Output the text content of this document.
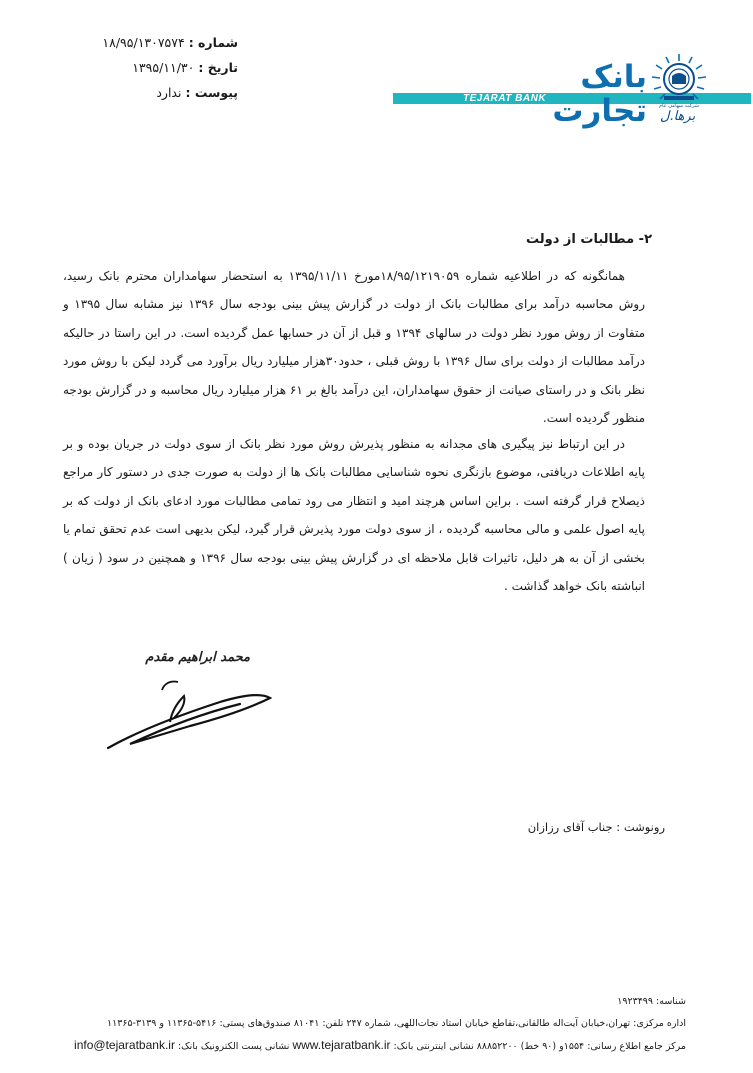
شماره :۱۸/۹۵/۱۳۰۷۵۷۴
تاریخ :۱۳۹۵/۱۱/۳۰
پیوست :ندارد	TEJARAT BANK
بانک تجارت	شرکت سهامی عام
برها.ل
۲- مطالبات از دولت

همانگونه که در اطلاعیه شماره ۱۸/۹۵/۱۲۱۹۰۵۹مورخ ۱۳۹۵/۱۱/۱۱ به استحضار سهامداران محترم بانک رسید، روش محاسبه درآمد برای مطالبات بانک از دولت در گزارش پیش بینی بودجه سال ۱۳۹۶ نیز مشابه سال ۱۳۹۵ و متفاوت از روش مورد نظر دولت در سالهای ۱۳۹۴ و قبل از آن در حسابها عمل گردیده است. در این راستا در حالیکه درآمد مطالبات از دولت برای سال ۱۳۹۶ با روش قبلی ، حدود۳۰هزار میلیارد ریال برآورد می گردد لیکن با روش مورد نظر بانک و در راستای صیانت از حقوق سهامداران، این درآمد بالغ بر ۶۱ هزار میلیارد ریال محاسبه و در گزارش بودجه منظور گردیده است.

در این ارتباط نیز پیگیری های مجدانه به منظور پذیرش روش مورد نظر بانک از سوی دولت در جریان بوده و بر پایه اطلاعات دریافتی، موضوع بازنگری نحوه شناسایی مطالبات بانک ها از دولت به صورت جدی در دستور کار مراجع ذیصلاح قرار گرفته است . براین اساس هرچند امید و انتظار می رود تمامی مطالبات مورد ادعای بانک از دولت که بر پایه اصول علمی و مالی محاسبه گردیده ، از سوی دولت مورد پذیرش قرار گیرد، لیکن بدیهی است عدم تحقق تمام یا بخشی از آن به هر دلیل، تاثیرات قابل ملاحظه ای در گزارش پیش بینی بودجه سال ۱۳۹۶ و همچنین در سود ( زیان ) انباشته بانک خواهد گذاشت .

محمد ابراهیم مقدم
رونوشت : جناب آقای رزازان
شناسه: ۱۹۲۳۴۹۹
اداره مرکزی: تهران،خیابان آیت‌اله طالقانی،تقاطع خیابان استاد نجات‌اللهی، شماره ۲۴۷ تلفن: ۸۱۰۴۱ صندوق‌های پستی: ۵۴۱۶-۱۱۳۶۵ و ۳۱۳۹-۱۱۳۶۵
مرکز جامع اطلاع رسانی: ۱۵۵۴و (۹۰ خط) ۸۸۸۵۲۲۰۰ نشانی اینترنتی بانک: www.tejaratbank.ir نشانی پست الکترونیک بانک: info@tejaratbank.ir
